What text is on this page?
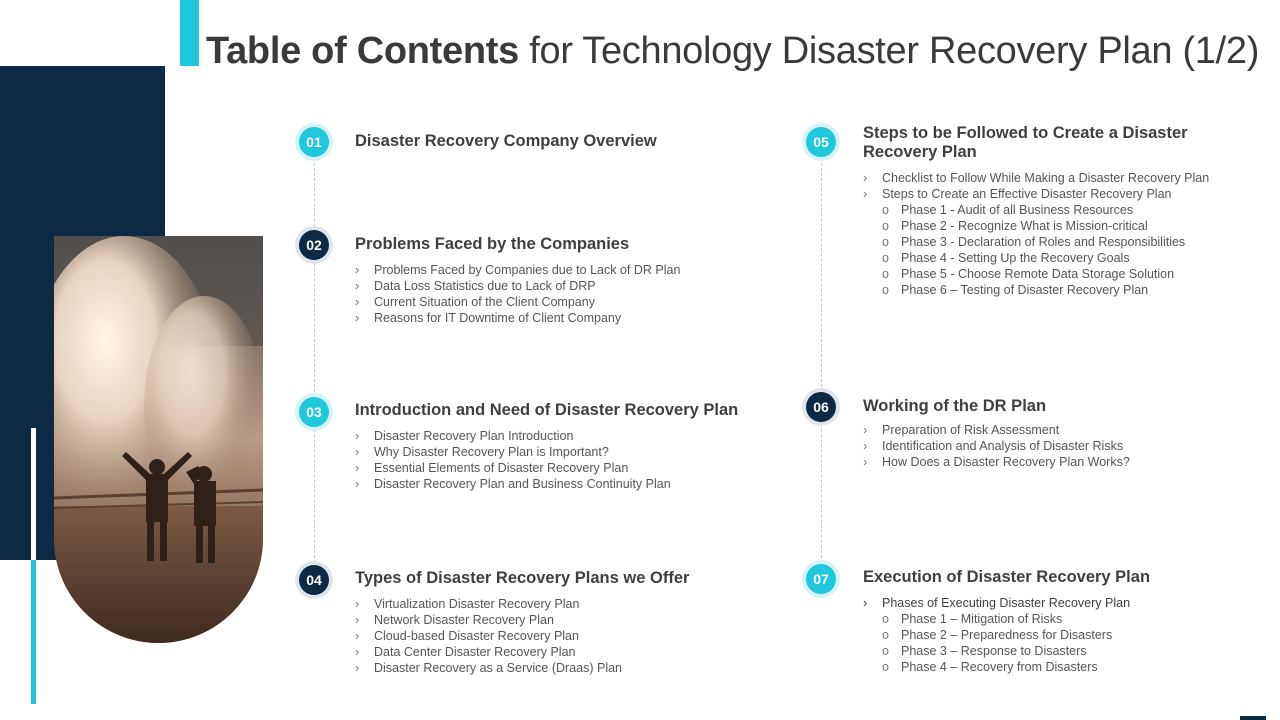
Table of Contents for Technology Disaster Recovery Plan (1/2)
01
02
03
04
05
06
07
Disaster Recovery Company Overview
Problems Faced by the Companies
› Problems Faced by Companies due to Lack of DR Plan
› Data Loss Statistics due to Lack of DRP
› Current Situation of the Client Company
› Reasons for IT Downtime of Client Company
Introduction and Need of Disaster Recovery Plan
› Disaster Recovery Plan Introduction
› Why Disaster Recovery Plan is Important?
› Essential Elements of Disaster Recovery Plan
› Disaster Recovery Plan and Business Continuity Plan
Types of Disaster Recovery Plans we Offer
› Virtualization Disaster Recovery Plan
› Network Disaster Recovery Plan
› Cloud-based Disaster Recovery Plan
› Data Center Disaster Recovery Plan
› Disaster Recovery as a Service (Draas) Plan
Steps to be Followed to Create a Disaster Recovery Plan
› Checklist to Follow While Making a Disaster Recovery Plan
› Steps to Create an Effective Disaster Recovery Plan
o Phase 1 - Audit of all Business Resources
o Phase 2 - Recognize What is Mission-critical
o Phase 3 - Declaration of Roles and Responsibilities
o Phase 4 - Setting Up the Recovery Goals
o Phase 5 - Choose Remote Data Storage Solution
o Phase 6 – Testing of Disaster Recovery Plan
Working of the DR Plan
› Preparation of Risk Assessment
› Identification and Analysis of Disaster Risks
› How Does a Disaster Recovery Plan Works?
Execution of Disaster Recovery Plan
› Phases of Executing Disaster Recovery Plan
o Phase 1 – Mitigation of Risks
o Phase 2 – Preparedness for Disasters
o Phase 3 – Response to Disasters
o Phase 4 – Recovery from Disasters
